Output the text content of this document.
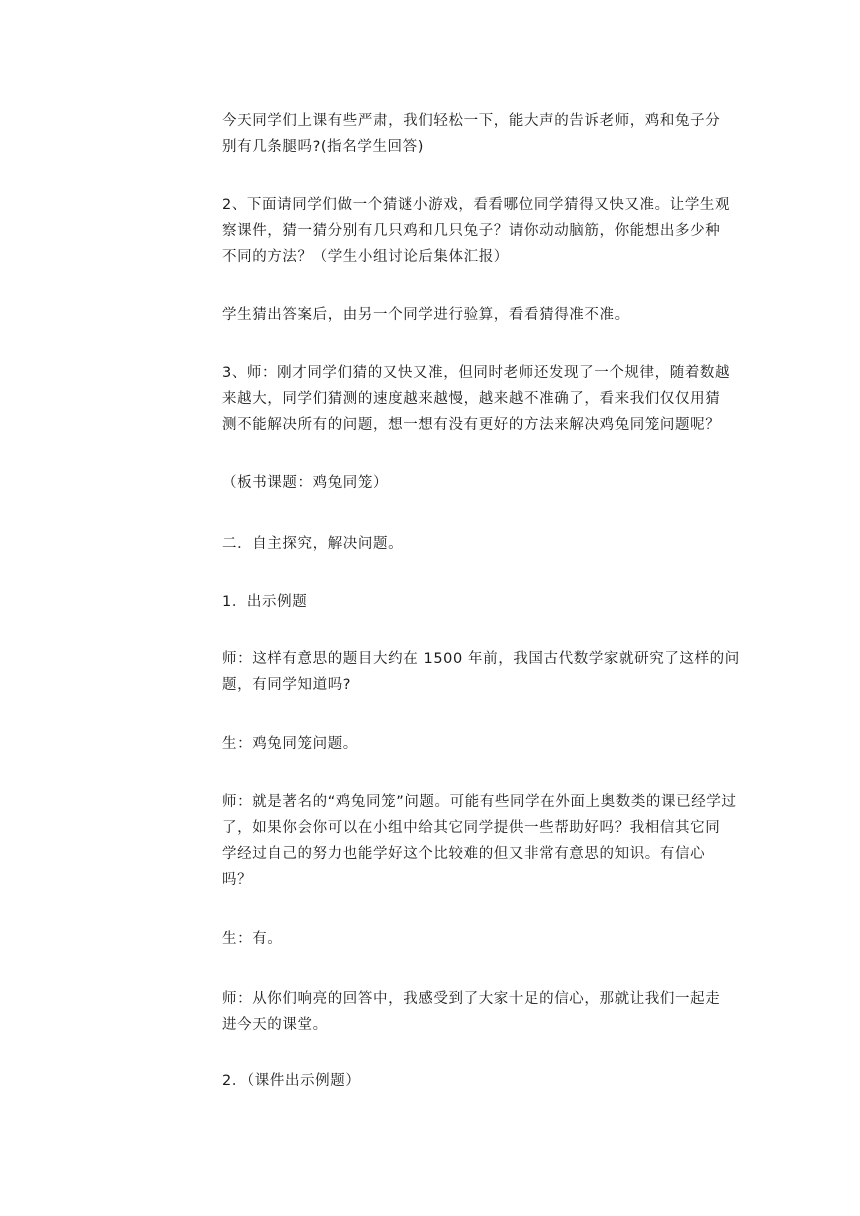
今天同学们上课有些严肃，我们轻松一下，能大声的告诉老师，鸡和兔子分
别有几条腿吗?(指名学生回答)
2、下面请同学们做一个猜谜小游戏，看看哪位同学猜得又快又准。让学生观
察课件，猜一猜分别有几只鸡和几只兔子？请你动动脑筋，你能想出多少种
不同的方法？（学生小组讨论后集体汇报）
学生猜出答案后，由另一个同学进行验算，看看猜得准不准。
3、师：刚才同学们猜的又快又准，但同时老师还发现了一个规律，随着数越
来越大，同学们猜测的速度越来越慢，越来越不准确了，看来我们仅仅用猜
测不能解决所有的问题，想一想有没有更好的方法来解决鸡兔同笼问题呢？
（板书课题：鸡兔同笼）
二．自主探究，解决问题。
1．出示例题
师：这样有意思的题目大约在 1500 年前，我国古代数学家就研究了这样的问
题，有同学知道吗?
生：鸡兔同笼问题。
师：就是著名的“鸡兔同笼”问题。可能有些同学在外面上奥数类的课已经学过
了，如果你会你可以在小组中给其它同学提供一些帮助好吗？我相信其它同
学经过自己的努力也能学好这个比较难的但又非常有意思的知识。有信心
吗？
生：有。
师：从你们响亮的回答中，我感受到了大家十足的信心，那就让我们一起走
进今天的课堂。
2．（课件出示例题）
